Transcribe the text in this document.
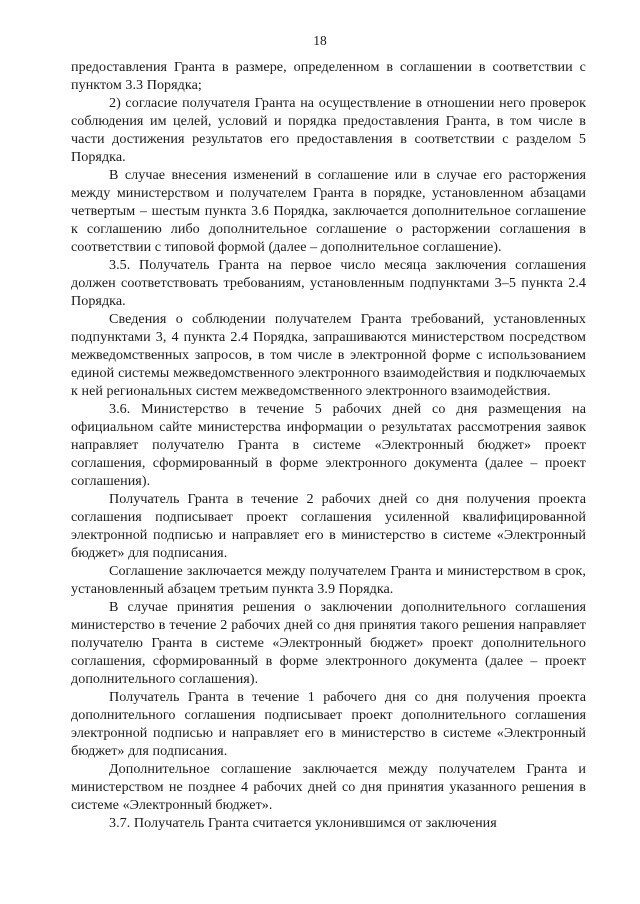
18

предоставления Гранта в размере, определенном в соглашении в соответствии с пунктом 3.3 Порядка;

2) согласие получателя Гранта на осуществление в отношении него проверок соблюдения им целей, условий и порядка предоставления Гранта, в том числе в части достижения результатов его предоставления в соответствии с разделом 5 Порядка.

В случае внесения изменений в соглашение или в случае его расторжения между министерством и получателем Гранта в порядке, установленном абзацами четвертым – шестым пункта 3.6 Порядка, заключается дополнительное соглашение к соглашению либо дополнительное соглашение о расторжении соглашения в соответствии с типовой формой (далее – дополнительное соглашение).

3.5. Получатель Гранта на первое число месяца заключения соглашения должен соответствовать требованиям, установленным подпунктами 3–5 пункта 2.4 Порядка.

Сведения о соблюдении получателем Гранта требований, установленных подпунктами 3, 4 пункта 2.4 Порядка, запрашиваются министерством посредством межведомственных запросов, в том числе в электронной форме с использованием единой системы межведомственного электронного взаимодействия и подключаемых к ней региональных систем межведомственного электронного взаимодействия.

3.6. Министерство в течение 5 рабочих дней со дня размещения на официальном сайте министерства информации о результатах рассмотрения заявок направляет получателю Гранта в системе «Электронный бюджет» проект соглашения, сформированный в форме электронного документа (далее – проект соглашения).

Получатель Гранта в течение 2 рабочих дней со дня получения проекта соглашения подписывает проект соглашения усиленной квалифицированной электронной подписью и направляет его в министерство в системе «Электронный бюджет» для подписания.

Соглашение заключается между получателем Гранта и министерством в срок, установленный абзацем третьим пункта 3.9 Порядка.

В случае принятия решения о заключении дополнительного соглашения министерство в течение 2 рабочих дней со дня принятия такого решения направляет получателю Гранта в системе «Электронный бюджет» проект дополнительного соглашения, сформированный в форме электронного документа (далее – проект дополнительного соглашения).

Получатель Гранта в течение 1 рабочего дня со дня получения проекта дополнительного соглашения подписывает проект дополнительного соглашения электронной подписью и направляет его в министерство в системе «Электронный бюджет» для подписания.

Дополнительное соглашение заключается между получателем Гранта и министерством не позднее 4 рабочих дней со дня принятия указанного решения в системе «Электронный бюджет».

3.7. Получатель Гранта считается уклонившимся от заключения
